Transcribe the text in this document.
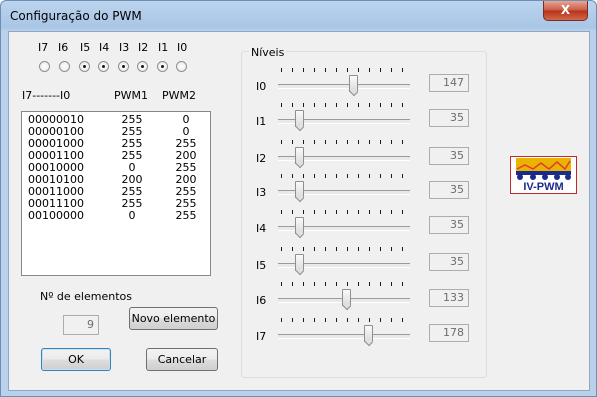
Configuração do PWM	X
I7 I6 I5 I4 I3 I2 I1 I0
I7-------I0	PWM1 PWM2
00000010	255	0
00000100	255	0
00001000	255	255
00001100	255	200
00010000	0	255
00010100	200	200
00011000	255	255
00011100	255	255
00100000	0	255
Nº de elementos
9	Novo elemento
OK	Cancelar
Níveis
I0	147
I1	35
I2	35
I3	35
I4	35
I5	35
I6	133
I7	178
IV-PWM
